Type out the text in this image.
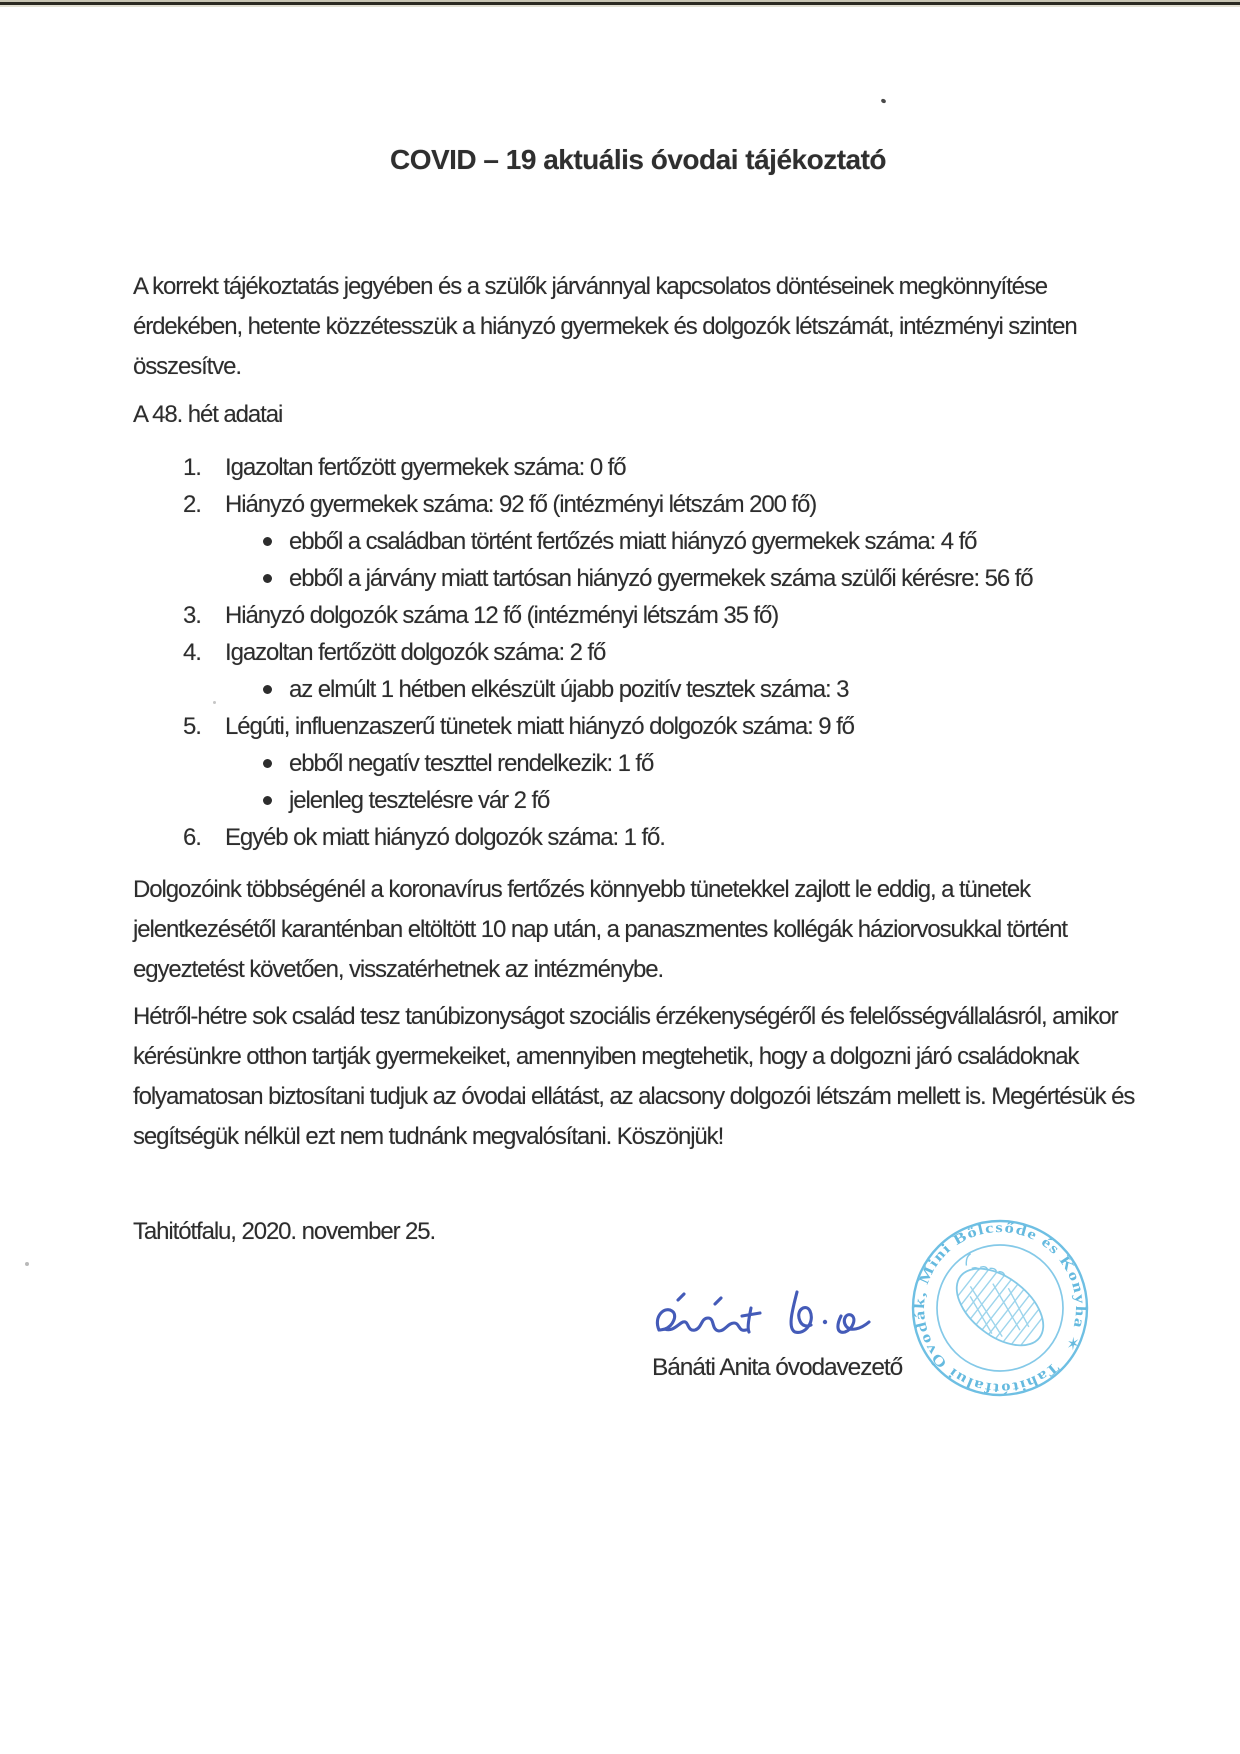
COVID – 19 aktuális óvodai tájékoztató

A korrekt tájékoztatás jegyében és a szülők járvánnyal kapcsolatos döntéseinek megkönnyítése érdekében, hetente közzétesszük a hiányzó gyermekek és dolgozók létszámát, intézményi szinten összesítve.

A 48. hét adatai

1. Igazoltan fertőzött gyermekek száma: 0 fő
2. Hiányzó gyermekek száma: 92 fő (intézményi létszám 200 fő)
ebből a családban történt fertőzés miatt hiányzó gyermekek száma: 4 fő
ebből a járvány miatt tartósan hiányzó gyermekek száma szülői kérésre: 56 fő
3. Hiányzó dolgozók száma 12 fő (intézményi létszám 35 fő)
4. Igazoltan fertőzött dolgozók száma: 2 fő
az elmúlt 1 hétben elkészült újabb pozitív tesztek száma: 3
5. Légúti, influenzaszerű tünetek miatt hiányzó dolgozók száma: 9 fő
ebből negatív teszttel rendelkezik: 1 fő
jelenleg tesztelésre vár 2 fő
6. Egyéb ok miatt hiányzó dolgozók száma: 1 fő.

Dolgozóink többségénél a koronavírus fertőzés könnyebb tünetekkel zajlott le eddig, a tünetek jelentkezésétől karanténban eltöltött 10 nap után, a panaszmentes kollégák háziorvosukkal történt egyeztetést követően, visszatérhetnek az intézménybe.

Hétről-hétre sok család tesz tanúbizonyságot szociális érzékenységéről és felelősségvállalásról, amikor kérésünkre otthon tartják gyermekeiket, amennyiben megtehetik, hogy a dolgozni járó családoknak folyamatosan biztosítani tudjuk az óvodai ellátást, az alacsony dolgozói létszám mellett is. Megértésük és segítségük nélkül ezt nem tudnánk megvalósítani. Köszönjük!

Tahitótfalu, 2020. november 25.

Bánáti Anita óvodavezető	Tahitótfalui Óvodák, Mini Bölcsőde és Konyha ✶
